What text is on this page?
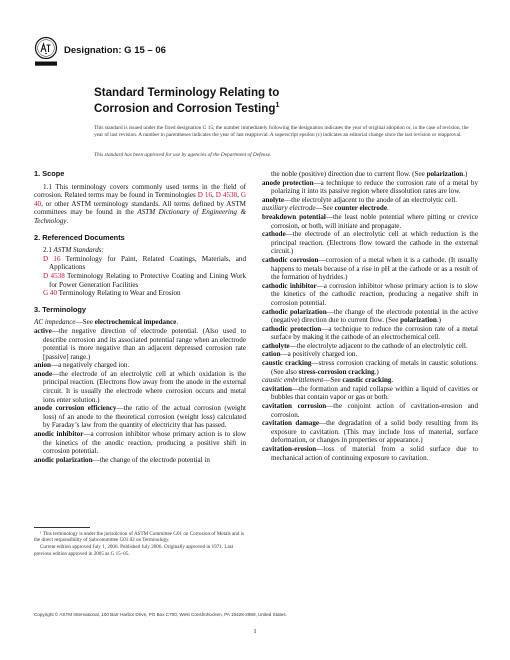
Designation: G 15 – 06
Standard Terminology Relating to
Corrosion and Corrosion Testing$^1$
This standard is issued under the fixed designation G 15; the number immediately following the designation indicates the year of original adoption or, in the case of revision, the year of last revision. A number in parentheses indicates the year of last reapproval. A superscript epsilon (ε) indicates an editorial change since the last revision or reapproval.
This standard has been approved for use by agencies of the Department of Defense.
1. Scope
1.1 This terminology covers commonly used terms in the field of corrosion. Related terms may be found in Terminologies D 16, D 4538, G 40, or other ASTM terminology standards. All terms defined by ASTM committees may be found in the ASTM Dictionary of Engineering & Technology.
2. Referenced Documents

2.1 ASTM Standards:

D 16 Terminology for Paint, Related Coatings, Materials, and Applications

D 4538 Terminology Relating to Protective Coating and Lining Work for Power Generation Facilities

G 40 Terminology Relating to Wear and Erosion

3. Terminology

AC impedance—See electrochemical impedance.

active—the negative direction of electrode potential. (Also used to describe corrosion and its associated potential range when an electrode potential is more negative than an adjacent depressed corrosion rate [passive] range.)

anion—a negatively charged ion.

anode—the electrode of an electrolytic cell at which oxidation is the principal reaction. (Electrons flow away from the anode in the external circuit. It is usually the electrode where corrosion occurs and metal ions enter solution.)

anode corrosion efficiency—the ratio of the actual corrosion (weight loss) of an anode to the theoretical corrosion (weight loss) calculated by Faraday’s law from the quantity of electricity that has passed.

anodic inhibitor—a corrosion inhibitor whose primary action is to slow the kinetics of the anodic reaction, producing a positive shift in corrosion potential.

anodic polarization—the change of the electrode potential in

the noble (positive) direction due to current flow. (See polarization.)

anode protection—a technique to reduce the corrosion rate of a metal by polarizing it into its passive region where dissolution rates are low.

anolyte—the electrolyte adjacent to the anode of an electrolytic cell.

auxiliary electrode—See counter electrode.

breakdown potential—the least noble potential where pitting or crevice corrosion, or both, will initiate and propagate.

cathode—the electrode of an electrolytic cell at which reduction is the principal reaction. (Electrons flow toward the cathode in the external circuit.)

cathodic corrosion—corrosion of a metal when it is a cathode. (It usually happens to metals because of a rise in pH at the cathode or as a result of the formation of hydrides.)

cathodic inhibitor—a corrosion inhibitor whose primary action is to slow the kinetics of the cathodic reaction, producing a negative shift in corrosion potential.

cathodic polarization—the change of the electrode potential in the active (negative) direction due to current flow. (See polarization.)

cathodic protection—a technique to reduce the corrosion rate of a metal surface by making it the cathode of an electrochemical cell.

catholyte—the electrolyte adjacent to the cathode of an electrolytic cell.

cation—a positively charged ion.

caustic cracking—stress corrosion cracking of metals in caustic solutions. (See also stress-corrosion cracking.)

caustic embrittlement—See caustic cracking.

cavitation—the formation and rapid collapse within a liquid of cavities or bubbles that contain vapor or gas or both.

cavitation corrosion—the conjoint action of cavitation-erosion and corrosion.

cavitation damage—the degradation of a solid body resulting from its exposure to cavitation. (This may include loss of material, surface deformation, or changes in properties or appearance.)

cavitation-erosion—loss of material from a solid surface due to mechanical action of continuing exposure to cavitation.

¹ This terminology is under the jurisdiction of ASTM Committee G01 on Corrosion of Metals and is the direct responsibility of Subcommittee G01.02 on Terminology.

Current edition approved July 1, 2006. Published July 2006. Originally approved in 1971. Last previous edition approved in 2005 as G 15–05.

Copyright © ASTM International, 100 Barr Harbor Drive, PO Box C700, West Conshohocken, PA 19428-2959, United States.
1
